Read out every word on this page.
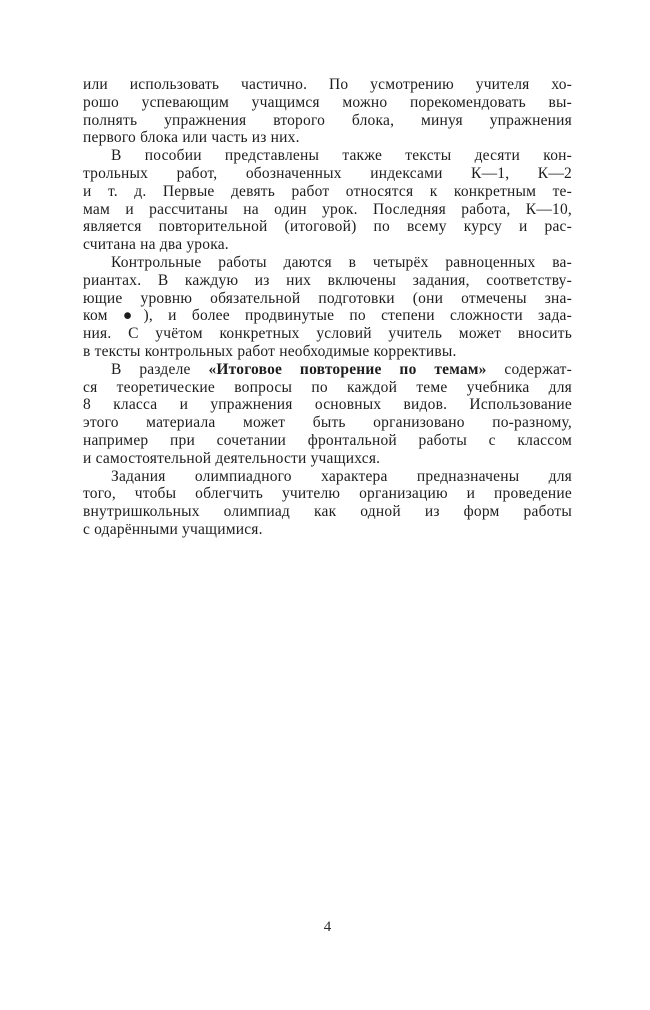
или использовать частично. По усмотрению учителя хо-
рошо успевающим учащимся можно порекомендовать вы-
полнять упражнения второго блока, минуя упражнения
первого блока или часть из них.
В пособии представлены также тексты десяти кон-
трольных работ, обозначенных индексами К—1, К—2
и т. д. Первые девять работ относятся к конкретным те-
мам и рассчитаны на один урок. Последняя работа, К—10,
является повторительной (итоговой) по всему курсу и рас-
считана на два урока.
Контрольные работы даются в четырёх равноценных ва-
риантах. В каждую из них включены задания, соответству-
ющие уровню обязательной подготовки (они отмечены зна-
ком ●), и более продвинутые по степени сложности зада-
ния. С учётом конкретных условий учитель может вносить
в тексты контрольных работ необходимые коррективы.
В разделе «Итоговое повторение по темам» содержат-
ся теоретические вопросы по каждой теме учебника для
8 класса и упражнения основных видов. Использование
этого материала может быть организовано по-разному,
например при сочетании фронтальной работы с классом
и самостоятельной деятельности учащихся.
Задания олимпиадного характера предназначены для
того, чтобы облегчить учителю организацию и проведение
внутришкольных олимпиад как одной из форм работы
с одарёнными учащимися.
4
